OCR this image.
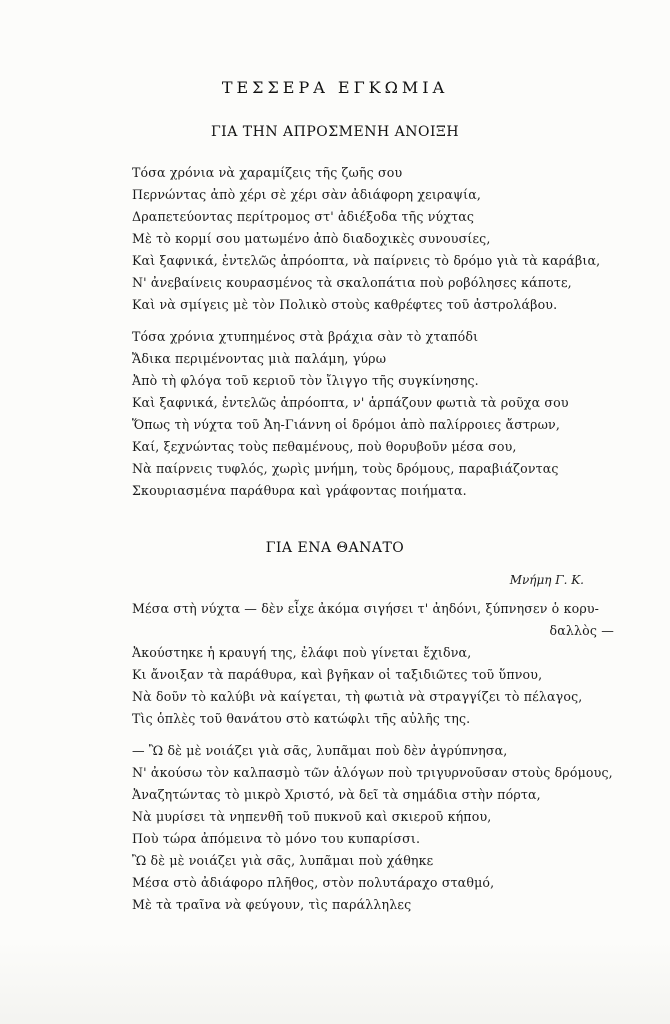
ΤΕΣΣΕΡΑ ΕΓΚΩΜΙΑ
ΓΙΑ ΤΗΝ ΑΠΡΟΣΜΕΝΗ ΑΝΟΙΞΗ
Τόσα χρόνια νὰ χαραμίζεις τῆς ζωῆς σου
Περνώντας ἀπὸ χέρι σὲ χέρι σὰν ἀδιάφορη χειραψία,
Δραπετεύοντας περίτρομος στ' ἀδιέξοδα τῆς νύχτας
Μὲ τὸ κορμί σου ματωμένο ἀπὸ διαδοχικὲς συνουσίες,
Καὶ ξαφνικά, ἐντελῶς ἀπρόοπτα, νὰ παίρνεις τὸ δρόμο γιὰ τὰ καράβια,
Ν' ἀνεβαίνεις κουρασμένος τὰ σκαλοπάτια ποὺ ροβόλησες κάποτε,
Καὶ νὰ σμίγεις μὲ τὸν Πολικὸ στοὺς καθρέφτες τοῦ ἀστρολάβου.
Τόσα χρόνια χτυπημένος στὰ βράχια σὰν τὸ χταπόδι
Ἄδικα περιμένοντας μιὰ παλάμη, γύρω
Ἀπὸ τὴ φλόγα τοῦ κεριοῦ τὸν ἴλιγγο τῆς συγκίνησης.
Καὶ ξαφνικά, ἐντελῶς ἀπρόοπτα, ν' ἁρπάζουν φωτιὰ τὰ ροῦχα σου
Ὅπως τὴ νύχτα τοῦ Ἀη-Γιάννη οἱ δρόμοι ἀπὸ παλίρροιες ἄστρων,
Καί, ξεχνώντας τοὺς πεθαμένους, ποὺ θορυβοῦν μέσα σου,
Νὰ παίρνεις τυφλός, χωρὶς μνήμη, τοὺς δρόμους, παραβιάζοντας
Σκουριασμένα παράθυρα καὶ γράφοντας ποιήματα.
ΓΙΑ ΕΝΑ ΘΑΝΑΤΟ
Μνήμη Γ. Κ.
Μέσα στὴ νύχτα — δὲν εἶχε ἀκόμα σιγήσει τ' ἀηδόνι, ξύπνησεν ὁ κορυ-
δαλλὸς —
Ἀκούστηκε ἡ κραυγή της, ἐλάφι ποὺ γίνεται ἔχιδνα,
Κι ἄνοιξαν τὰ παράθυρα, καὶ βγῆκαν οἱ ταξιδιῶτες τοῦ ὕπνου,
Νὰ δοῦν τὸ καλύβι νὰ καίγεται, τὴ φωτιὰ νὰ στραγγίζει τὸ πέλαγος,
Τὶς ὁπλὲς τοῦ θανάτου στὸ κατώφλι τῆς αὐλῆς της.
— Ὢ δὲ μὲ νοιάζει γιὰ σᾶς, λυπᾶμαι ποὺ δὲν ἀγρύπνησα,
Ν' ἀκούσω τὸν καλπασμὸ τῶν ἀλόγων ποὺ τριγυρνοῦσαν στοὺς δρόμους,
Ἀναζητώντας τὸ μικρὸ Χριστό, νὰ δεῖ τὰ σημάδια στὴν πόρτα,
Νὰ μυρίσει τὰ νηπενθῆ τοῦ πυκνοῦ καὶ σκιεροῦ κήπου,
Ποὺ τώρα ἀπόμεινα τὸ μόνο του κυπαρίσσι.
Ὢ δὲ μὲ νοιάζει γιὰ σᾶς, λυπᾶμαι ποὺ χάθηκε
Μέσα στὸ ἀδιάφορο πλῆθος, στὸν πολυτάραχο σταθμό,
Μὲ τὰ τραῖνα νὰ φεύγουν, τὶς παράλληλες
